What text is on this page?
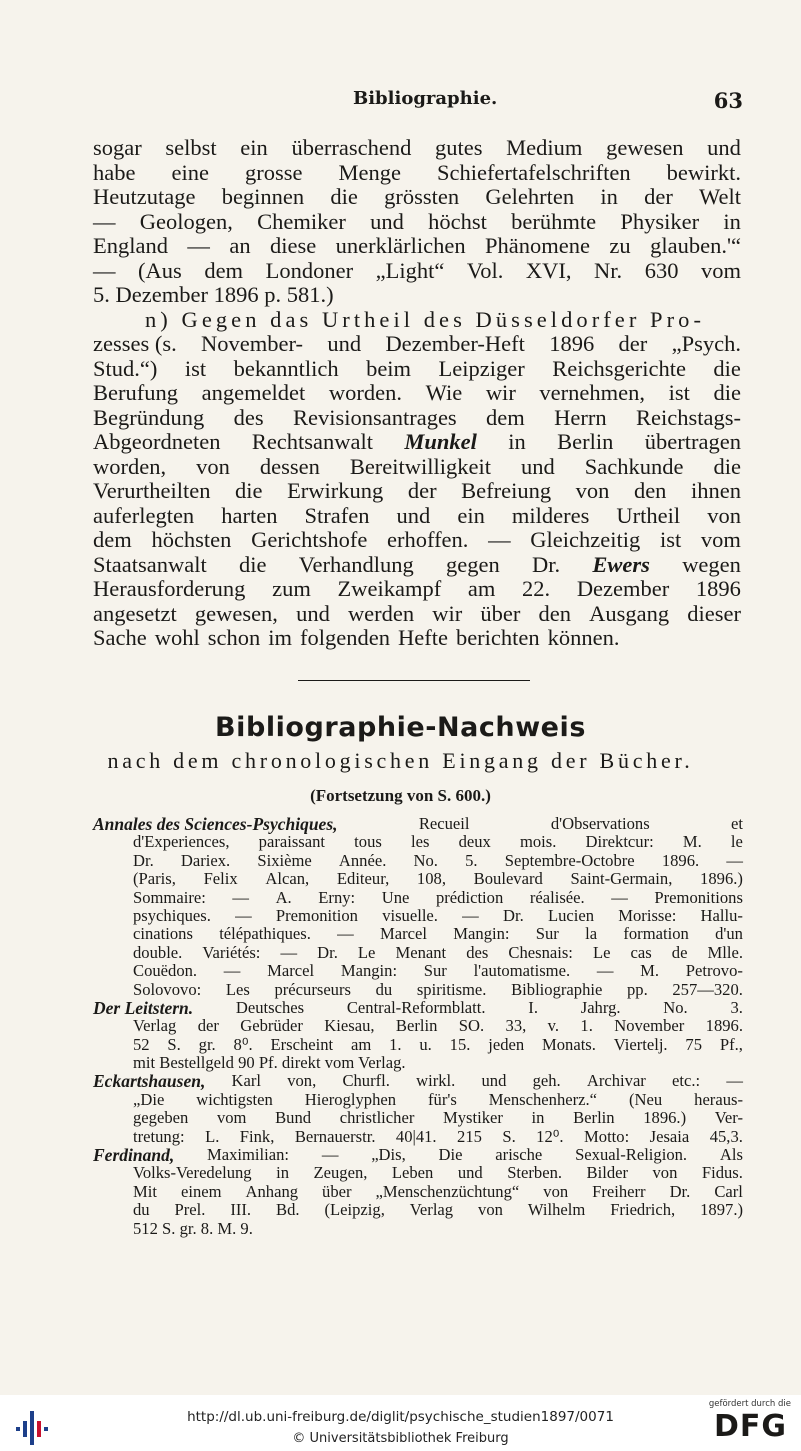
Bibliographie.	63
sogar selbst ein überraschend gutes Medium gewesen und
habe eine grosse Menge Schiefertafelschriften bewirkt.
Heutzutage beginnen die grössten Gelehrten in der Welt
— Geologen, Chemiker und höchst berühmte Physiker in
England — an diese unerklärlichen Phänomene zu glauben.'“
— (Aus dem Londoner „Light“ Vol. XVI, Nr. 630 vom
5. Dezember 1896 p. 581.)
n) Gegen das Urtheil des Düsseldorfer Pro-
zesses (s. November- und Dezember-Heft 1896 der „Psych.
Stud.“) ist bekanntlich beim Leipziger Reichsgerichte die
Berufung angemeldet worden. Wie wir vernehmen, ist die
Begründung des Revisionsantrages dem Herrn Reichstags-
Abgeordneten Rechtsanwalt Munkel in Berlin übertragen
worden, von dessen Bereitwilligkeit und Sachkunde die
Verurtheilten die Erwirkung der Befreiung von den ihnen
auferlegten harten Strafen und ein milderes Urtheil von
dem höchsten Gerichtshofe erhoffen. — Gleichzeitig ist vom
Staatsanwalt die Verhandlung gegen Dr. Ewers wegen
Herausforderung zum Zweikampf am 22. Dezember 1896
angesetzt gewesen, und werden wir über den Ausgang dieser
Sache wohl schon im folgenden Hefte berichten können.
Bibliographie-Nachweis
nach dem chronologischen Eingang der Bücher.
(Fortsetzung von S. 600.)
Annales des Sciences-Psychiques,	Recueil	d'Observations	et
d'Experiences, paraissant tous les deux mois. Direktcur: M. le
Dr. Dariex. Sixième Année. No. 5. Septembre-Octobre 1896. —
(Paris, Felix Alcan, Editeur, 108, Boulevard Saint-Germain, 1896.)
Sommaire: — A. Erny: Une prédiction réalisée. — Premonitions
psychiques. — Premonition visuelle. — Dr. Lucien Morisse: Hallu-
cinations télépathiques. — Marcel Mangin: Sur la formation d'un
double. Variétés: — Dr. Le Menant des Chesnais: Le cas de Mlle.
Couëdon. — Marcel Mangin: Sur l'automatisme. — M. Petrovo-
Solovovo: Les précurseurs du spiritisme. Bibliographie pp. 257—320.
Der Leitstern.	Deutsches	Central-Reformblatt.	I.	Jahrg.	No.	3.
Verlag der Gebrüder Kiesau, Berlin SO. 33, v. 1. November 1896.
52 S. gr. 8⁰. Erscheint am 1. u. 15. jeden Monats. Viertelj. 75 Pf.,
mit Bestellgeld 90 Pf. direkt vom Verlag.
Eckartshausen, Karl von, Churfl. wirkl. und geh. Archivar etc.: —
„Die wichtigsten Hieroglyphen für's Menschenherz.“ (Neu heraus-
gegeben vom Bund christlicher Mystiker in Berlin 1896.) Ver-
tretung: L. Fink, Bernauerstr. 40|41. 215 S. 12⁰. Motto: Jesaia 45,3.
Ferdinand, Maximilian: — „Dis, Die arische Sexual-Religion. Als
Volks-Veredelung in Zeugen, Leben und Sterben. Bilder von Fidus.
Mit einem Anhang über „Menschenzüchtung“ von Freiherr Dr. Carl
du Prel. III. Bd. (Leipzig, Verlag von Wilhelm Friedrich, 1897.)
512 S. gr. 8. M. 9.
http://dl.ub.uni-freiburg.de/diglit/psychische_studien1897/0071
© Universitätsbibliothek Freiburg
gefördert durch die
DFG
